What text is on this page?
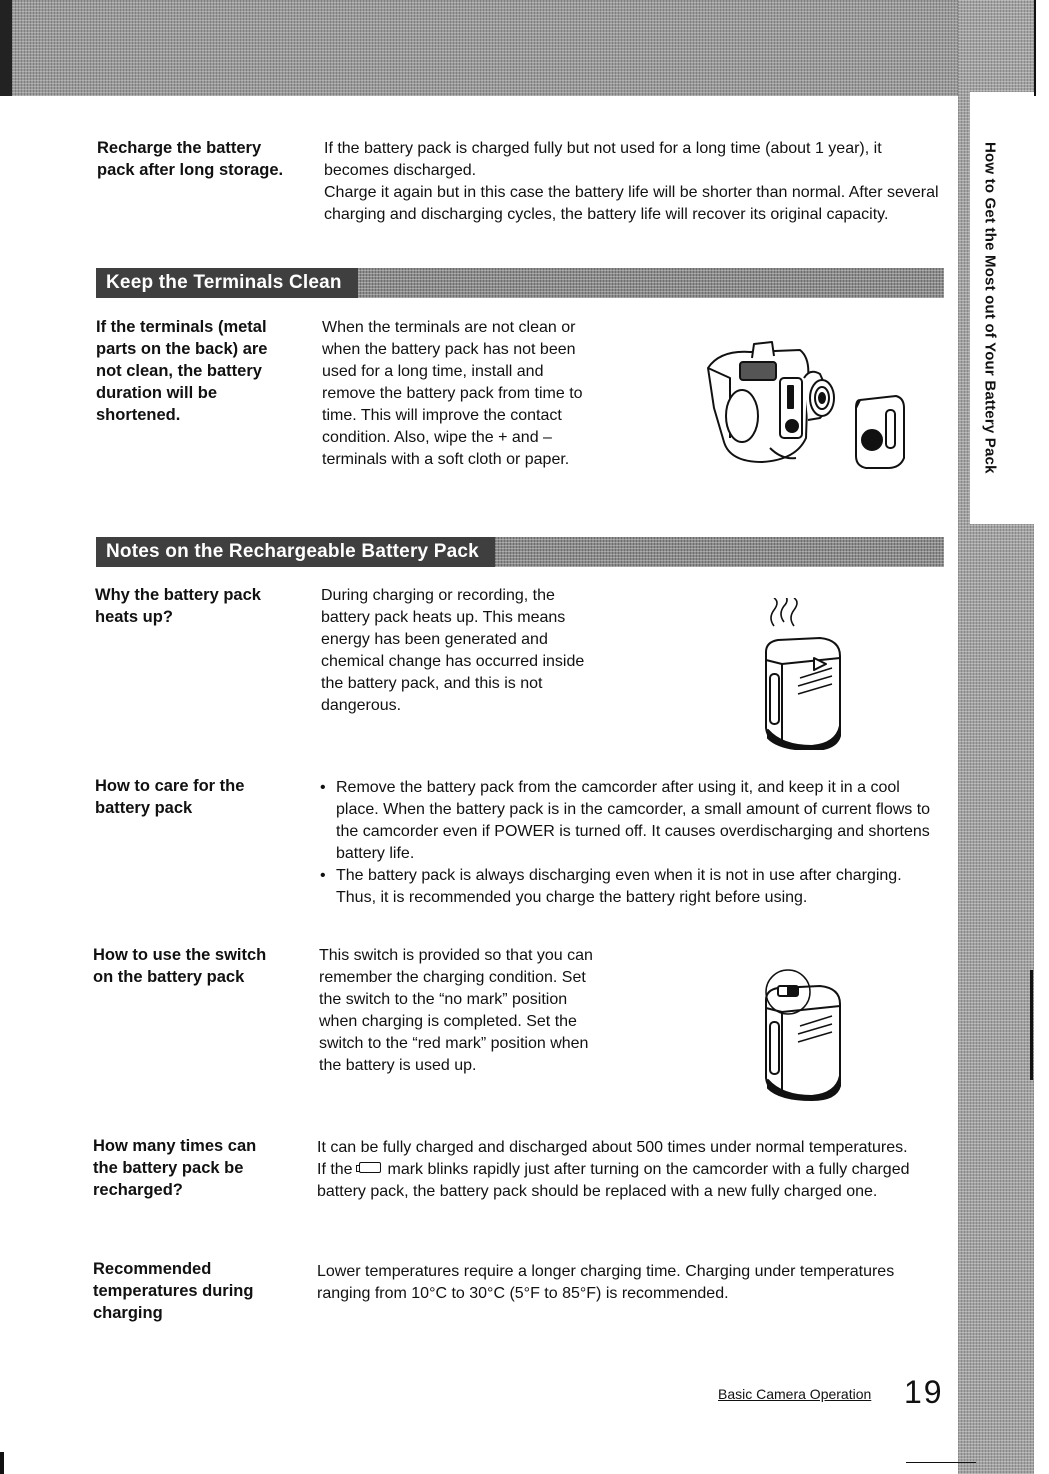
How to Get the Most out of Your Battery Pack
Recharge the battery
pack after long storage.

If the battery pack is charged fully but not used for a long time (about 1 year), it becomes discharged.

Charge it again but in this case the battery life will be shorter than normal. After several charging and discharging cycles, the battery life will recover its original capacity.

Keep the Terminals Clean
If the terminals (metal
parts on the back) are
not clean, the battery
duration will be
shortened.
When the terminals are not clean or
when the battery pack has not been
used for a long time, install and
remove the battery pack from time to
time. This will improve the contact
condition. Also, wipe the + and –
terminals with a soft cloth or paper.
Notes on the Rechargeable Battery Pack
Why the battery pack
heats up?
During charging or recording, the
battery pack heats up. This means
energy has been generated and
chemical change has occurred inside
the battery pack, and this is not
dangerous.
How to care for the
battery pack
• Remove the battery pack from the camcorder after using it, and keep it in a cool place. When the battery pack is in the camcorder, a small amount of current flows to the camcorder even if POWER is turned off. It causes overdischarging and shortens battery life.
• The battery pack is always discharging even when it is not in use after charging.

Thus, it is recommended you charge the battery right before using.

How to use the switch
on the battery pack
This switch is provided so that you can
remember the charging condition. Set
the switch to the “no mark” position
when charging is completed. Set the
switch to the “red mark” position when
the battery is used up.
How many times can
the battery pack be
recharged?

It can be fully charged and discharged about 500 times under normal temperatures.

If the mark blinks rapidly just after turning on the camcorder with a fully charged battery pack, the battery pack should be replaced with a new fully charged one.

Recommended
temperatures during
charging
Lower temperatures require a longer charging time. Charging under temperatures ranging from 10°C to 30°C (5°F to 85°F) is recommended.
Basic Camera Operation 19
